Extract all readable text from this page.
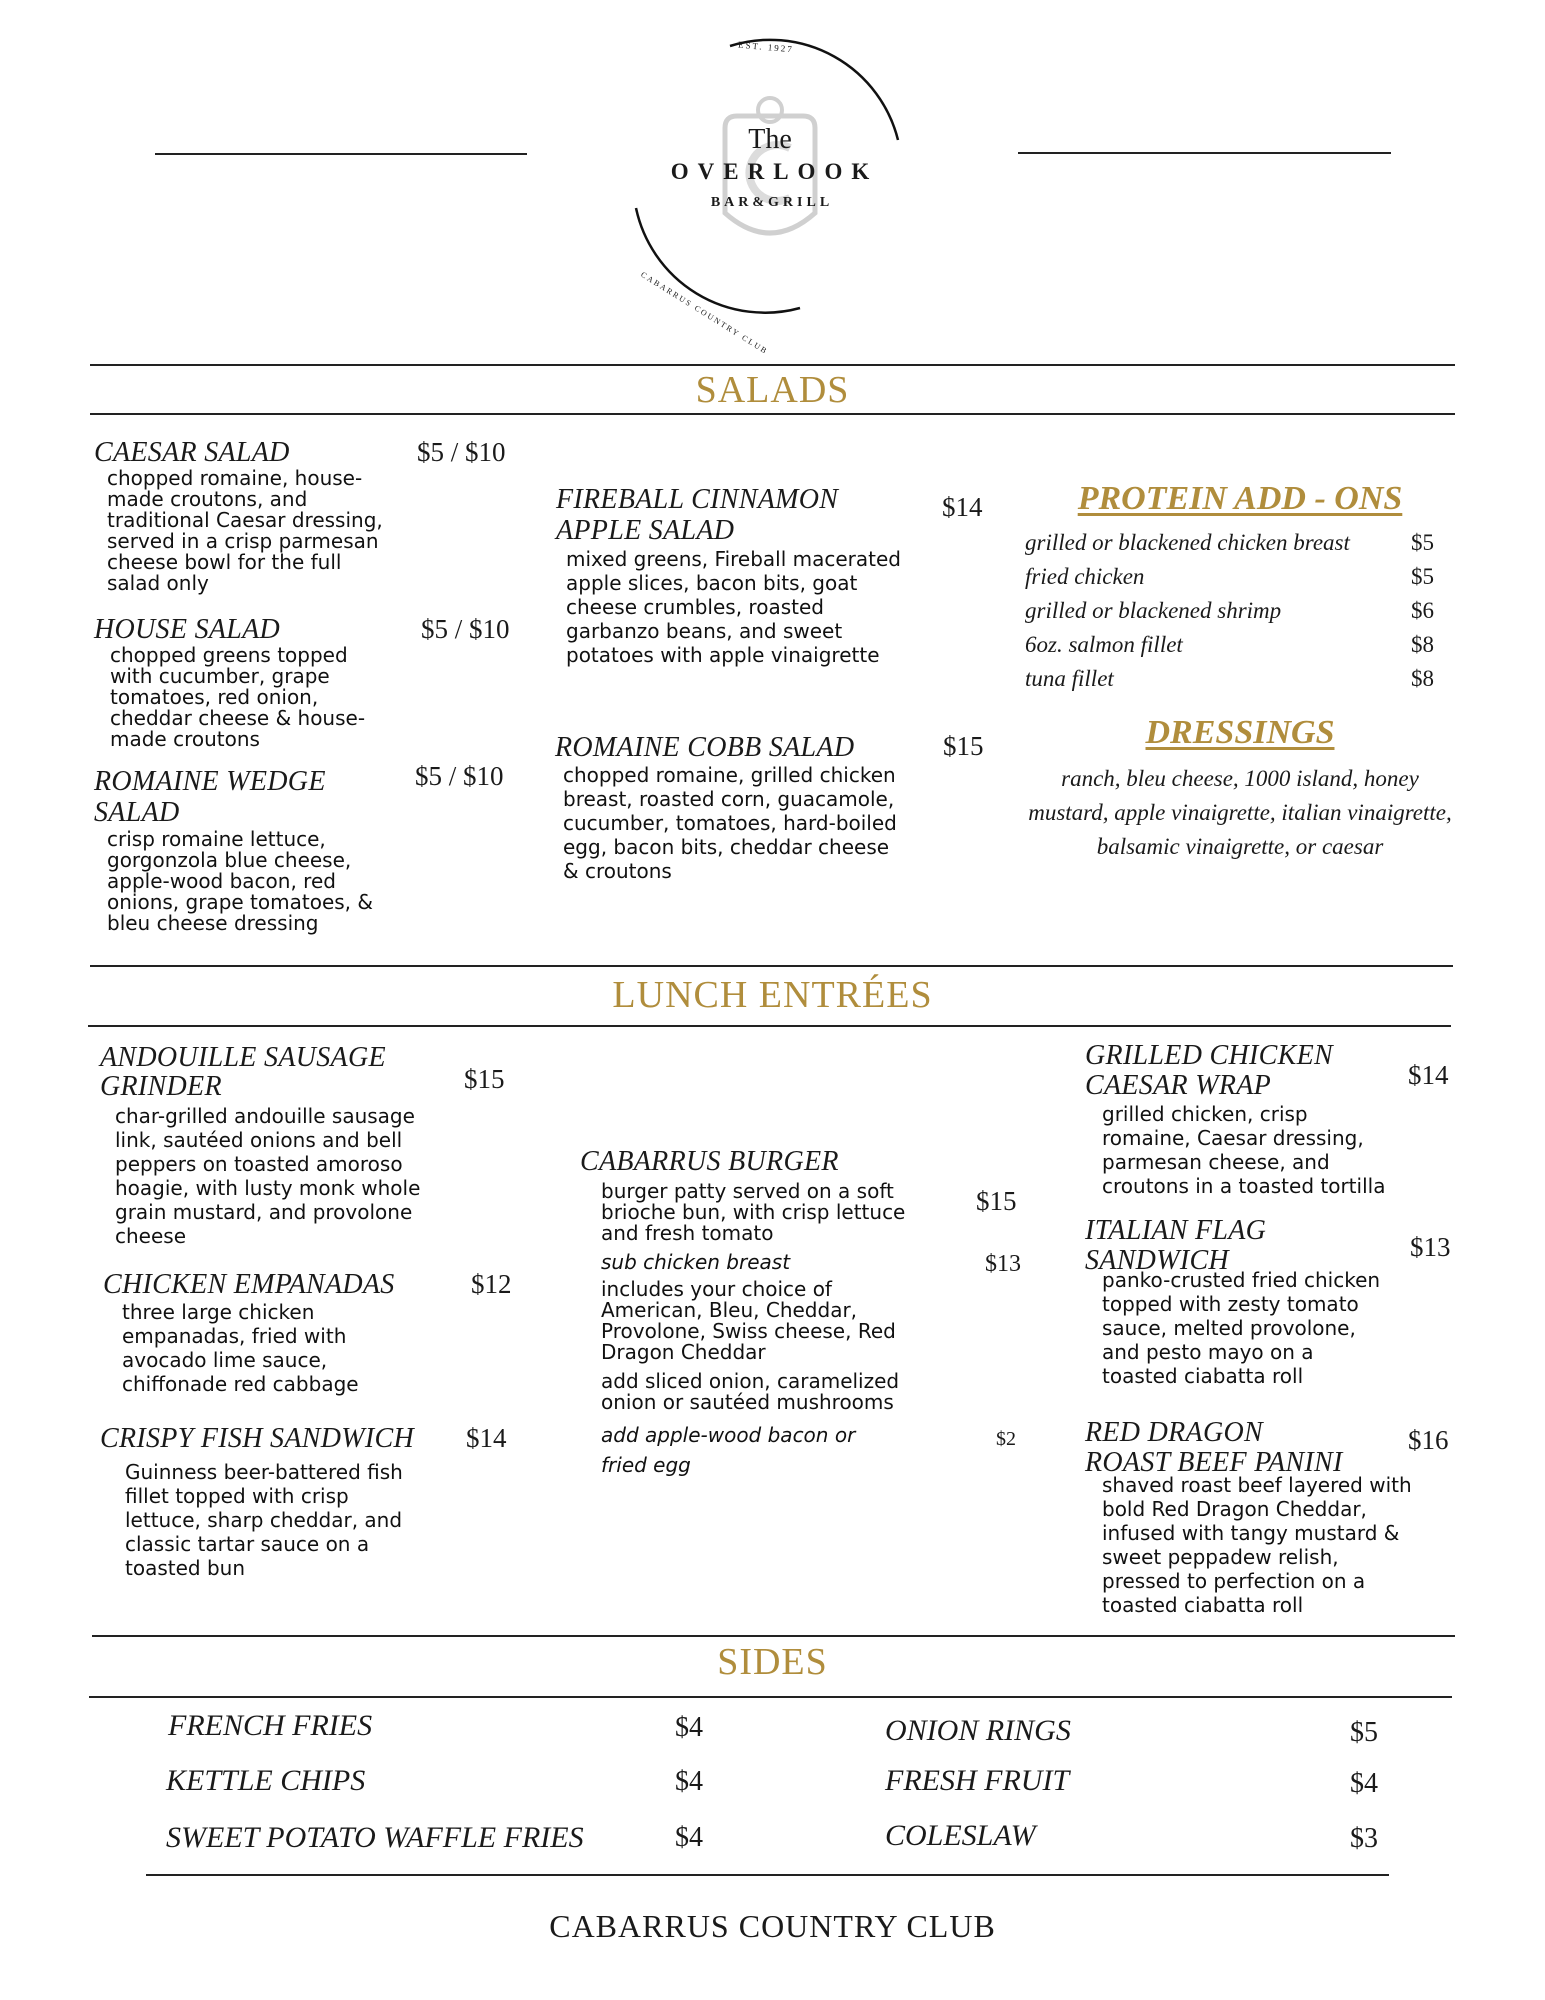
EST. 1927
The
OVERLOOK
BAR&GRILL
CABARRUS COUNTRY CLUB
SALADS
CAESAR SALAD	$5 / $10
chopped romaine, house-
made croutons, and
traditional Caesar dressing,
served in a crisp parmesan
cheese bowl for the full
salad only
HOUSE SALAD	$5 / $10
chopped greens topped
with cucumber, grape
tomatoes, red onion,
cheddar cheese & house-
made croutons
ROMAINE WEDGE
SALAD
$5 / $10
crisp romaine lettuce,
gorgonzola blue cheese,
apple-wood bacon, red
onions, grape tomatoes, &
bleu cheese dressing
FIREBALL CINNAMON
APPLE SALAD
$14
mixed greens, Fireball macerated
apple slices, bacon bits, goat
cheese crumbles, roasted
garbanzo beans, and sweet
potatoes with apple vinaigrette
ROMAINE COBB SALAD	$15
chopped romaine, grilled chicken
breast, roasted corn, guacamole,
cucumber, tomatoes, hard-boiled
egg, bacon bits, cheddar cheese
& croutons
PROTEIN ADD - ONS
grilled or blackened chicken breast	$5
fried chicken	$5
grilled or blackened shrimp	$6
6oz. salmon fillet	$8
tuna fillet	$8
DRESSINGS
ranch, bleu cheese, 1000 island, honey
mustard, apple vinaigrette, italian vinaigrette,
balsamic vinaigrette, or caesar
LUNCH ENTRÉES
ANDOUILLE SAUSAGE
GRINDER	$15
char-grilled andouille sausage
link, sautéed onions and bell
peppers on toasted amoroso
hoagie, with lusty monk whole
grain mustard, and provolone
cheese
CHICKEN EMPANADAS	$12
three large chicken
empanadas, fried with
avocado lime sauce,
chiffonade red cabbage
CRISPY FISH SANDWICH $14
Guinness beer-battered fish
fillet topped with crisp
lettuce, sharp cheddar, and
classic tartar sauce on a
toasted bun
CABARRUS BURGER
$15
burger patty served on a soft
brioche bun, with crisp lettuce
and fresh tomato
sub chicken breast	$13
includes your choice of
American, Bleu, Cheddar,
Provolone, Swiss cheese, Red
Dragon Cheddar
add sliced onion, caramelized
onion or sautéed mushrooms
add apple-wood bacon or
fried egg
$2
GRILLED CHICKEN
CAESAR WRAP	$14
grilled chicken, crisp
romaine, Caesar dressing,
parmesan cheese, and
croutons in a toasted tortilla
ITALIAN FLAG
SANDWICH	$13
panko-crusted fried chicken
topped with zesty tomato
sauce, melted provolone,
and pesto mayo on a
toasted ciabatta roll
RED DRAGON
ROAST BEEF PANINI
$16
shaved roast beef layered with
bold Red Dragon Cheddar,
infused with tangy mustard &
sweet peppadew relish,
pressed to perfection on a
toasted ciabatta roll
SIDES
FRENCH FRIES	$4
KETTLE CHIPS	$4
SWEET POTATO WAFFLE FRIES	$4
ONION RINGS	$5
FRESH FRUIT	$4
COLESLAW	$3
CABARRUS COUNTRY CLUB
